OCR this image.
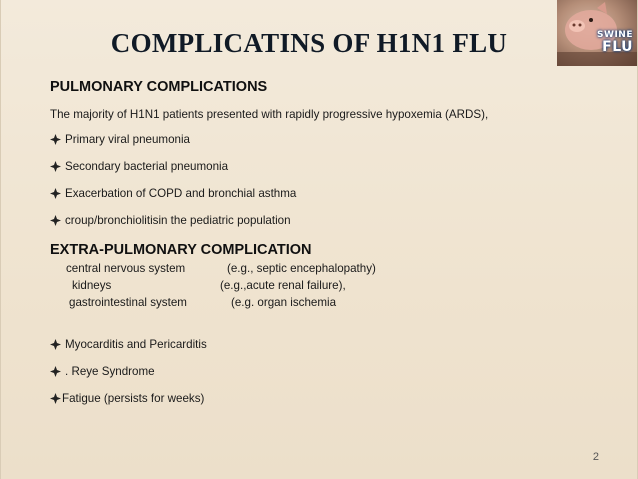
SWINE
FLU
COMPLICATINS OF H1N1 FLU
PULMONARY COMPLICATIONS
The majority of H1N1 patients presented with rapidly progressive hypoxemia (ARDS),
Primary viral pneumonia
Secondary bacterial pneumonia
Exacerbation of COPD and bronchial asthma
croup/bronchiolitisin the pediatric population
EXTRA-PULMONARY COMPLICATION
central nervous system	(e.g., septic encephalopathy)
kidneys	(e.g.,acute renal failure),
gastrointestinal system	(e.g. organ ischemia
Myocarditis and Pericarditis
. Reye Syndrome
Fatigue (persists for weeks)
2
